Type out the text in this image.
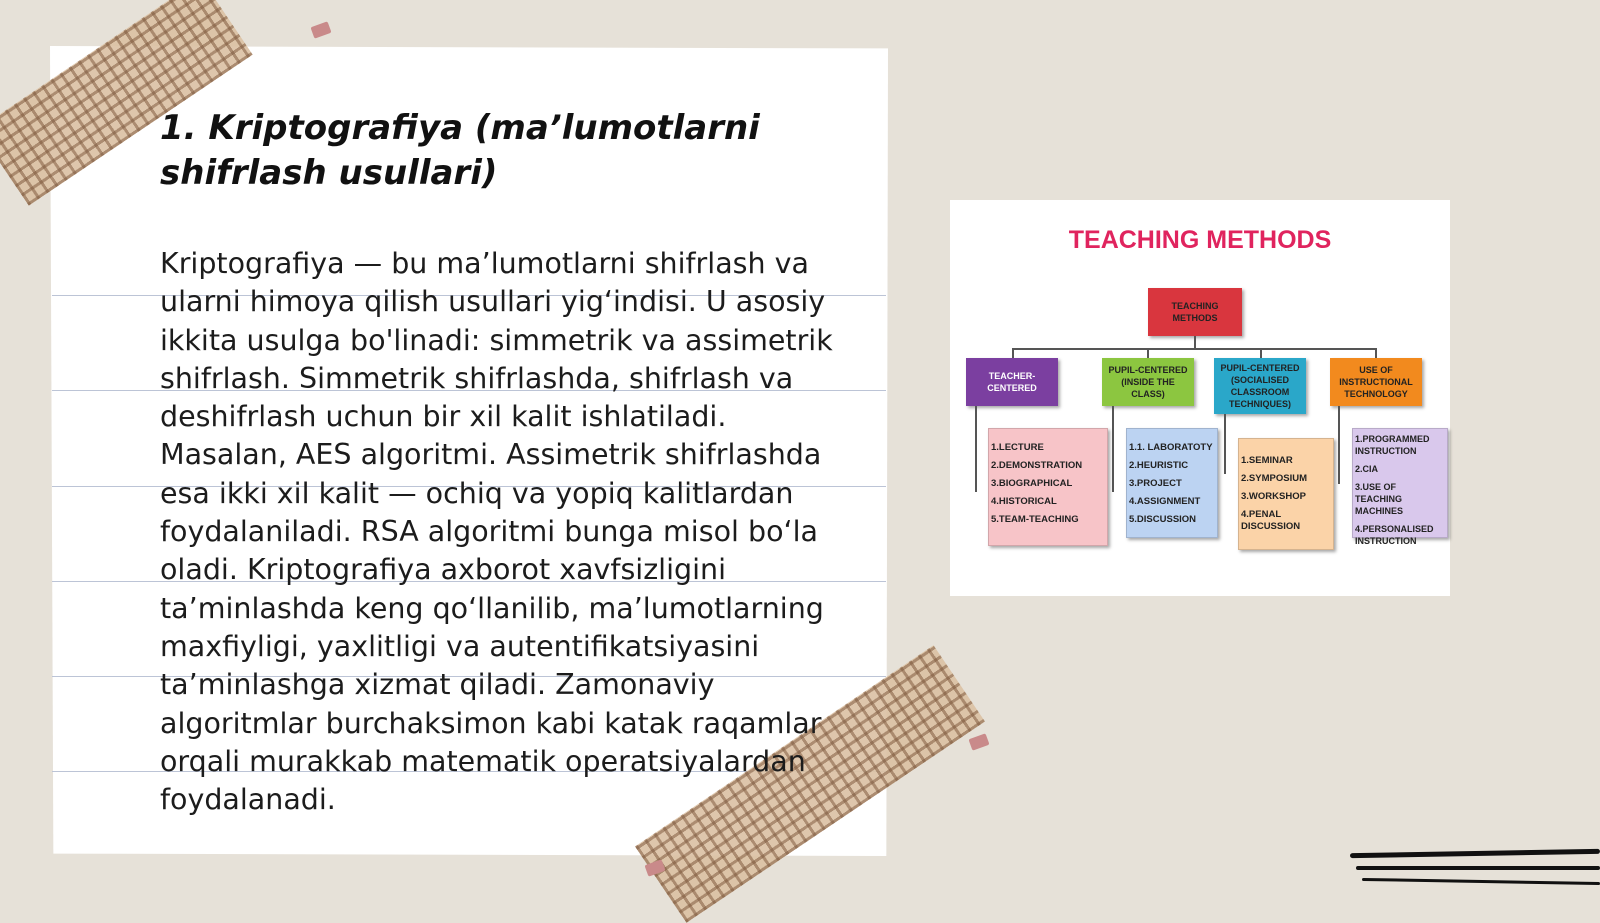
1. Kriptografiya (ma’lumotlarni shifrlash usullari)

Kriptografiya — bu ma’lumotlarni shifrlash va ularni himoya qilish usullari yig‘indisi. U asosiy ikkita usulga bo'linadi: simmetrik va assimetrik shifrlash. Simmetrik shifrlashda, shifrlash va deshifrlash uchun bir xil kalit ishlatiladi. Masalan, AES algoritmi. Assimetrik shifrlashda esa ikki xil kalit — ochiq va yopiq kalitlardan foydalaniladi. RSA algoritmi bunga misol bo‘la oladi. Kriptografiya axborot xavfsizligini ta’minlashda keng qo‘llanilib, ma’lumotlarning maxfiyligi, yaxlitligi va autentifikatsiyasini ta’minlashga xizmat qiladi. Zamonaviy algoritmlar burchaksimon kabi katak raqamlar orqali murakkab matematik operatsiyalardan foydalanadi.

TEACHING METHODS
TEACHING METHODS
TEACHER-CENTERED
PUPIL-CENTERED (INSIDE THE CLASS)
PUPIL-CENTERED (SOCIALISED CLASSROOM TECHNIQUES)
USE OF INSTRUCTIONAL TECHNOLOGY
1.LECTURE
2.DEMONSTRATION
3.BIOGRAPHICAL
4.HISTORICAL
5.TEAM-TEACHING
1.1. LABORATOTY
2.HEURISTIC
3.PROJECT
4.ASSIGNMENT
5.DISCUSSION
1.SEMINAR
2.SYMPOSIUM
3.WORKSHOP
4.PENAL DISCUSSION
1.PROGRAMMED INSTRUCTION
2.CIA
3.USE OF TEACHING MACHINES
4.PERSONALISED INSTRUCTION
